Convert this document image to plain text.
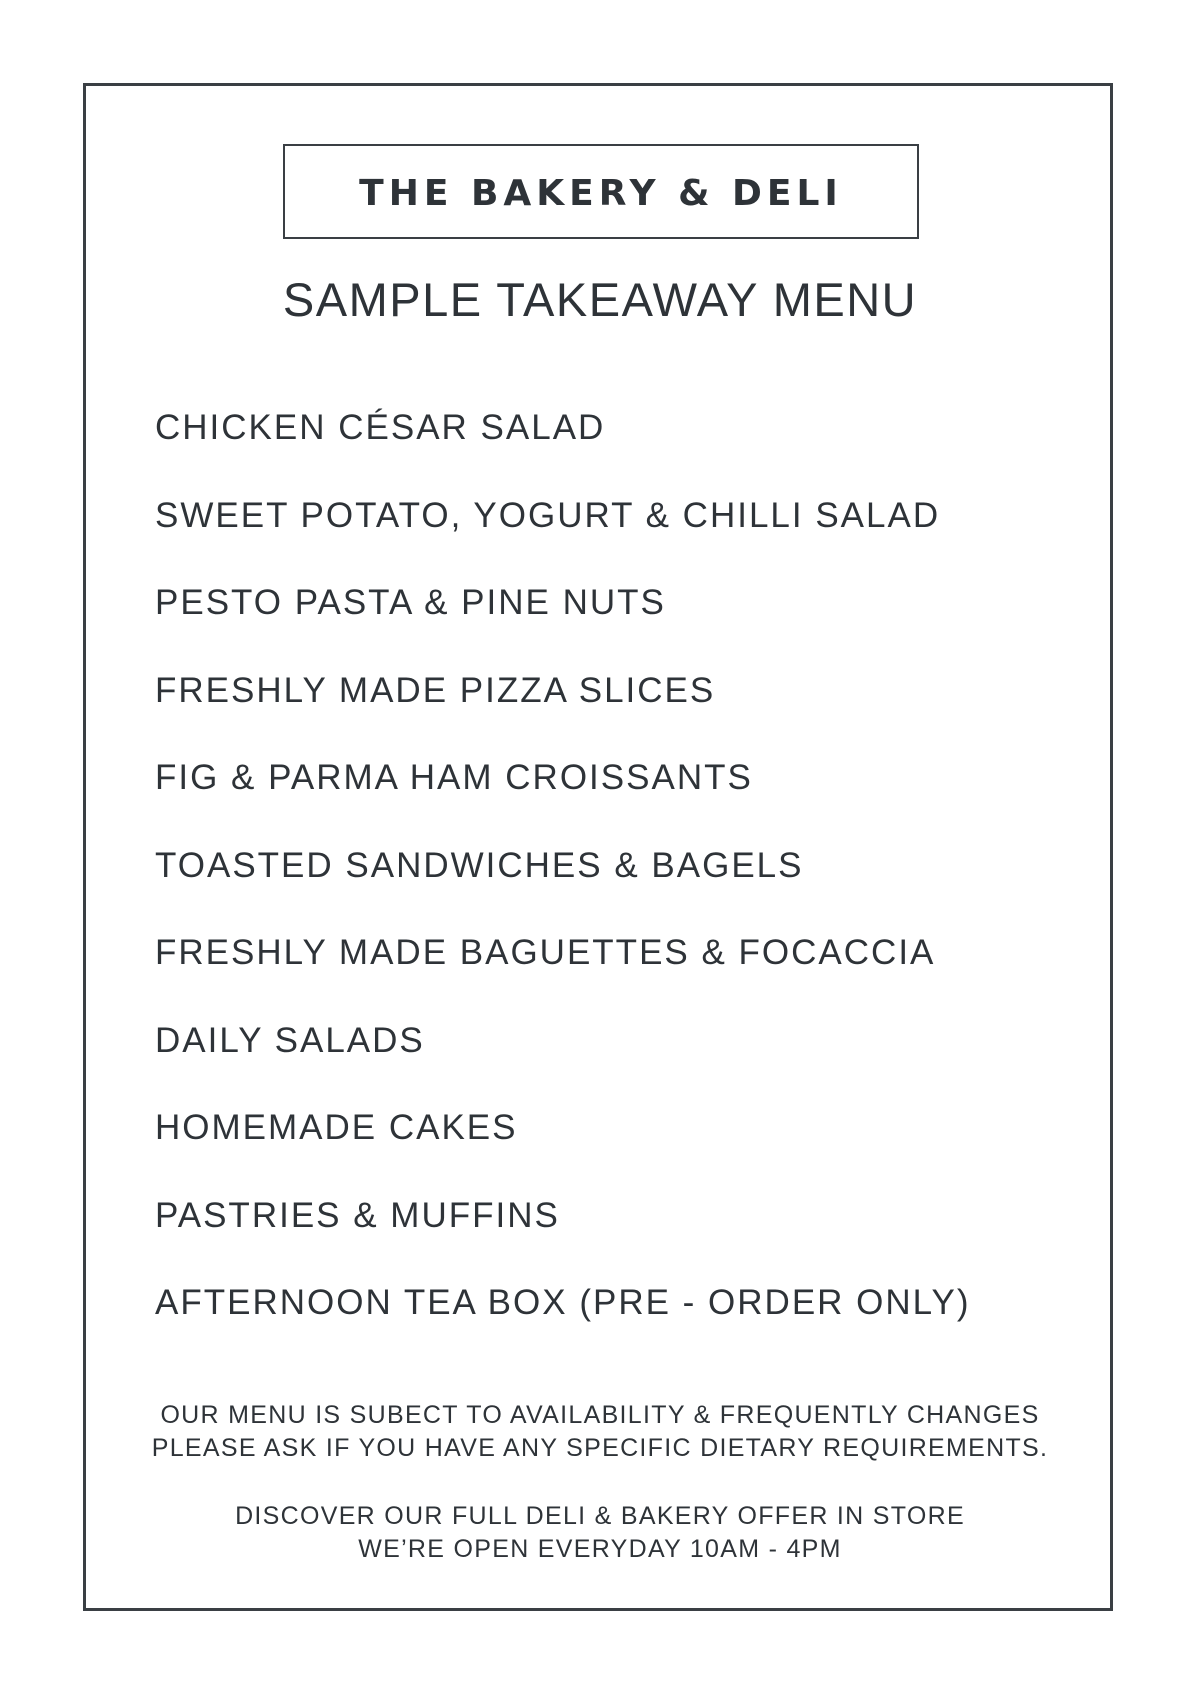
THE BAKERY & DELI
SAMPLE TAKEAWAY MENU
CHICKEN CÉSAR SALAD
SWEET POTATO, YOGURT & CHILLI SALAD
PESTO PASTA & PINE NUTS
FRESHLY MADE PIZZA SLICES
FIG & PARMA HAM CROISSANTS
TOASTED SANDWICHES & BAGELS
FRESHLY MADE BAGUETTES & FOCACCIA
DAILY SALADS
HOMEMADE CAKES
PASTRIES & MUFFINS
AFTERNOON TEA BOX (PRE - ORDER ONLY)

OUR MENU IS SUBECT TO AVAILABILITY & FREQUENTLY CHANGES
PLEASE ASK IF YOU HAVE ANY SPECIFIC DIETARY REQUIREMENTS.

DISCOVER OUR FULL DELI & BAKERY OFFER IN STORE
WE’RE OPEN EVERYDAY 10AM - 4PM
